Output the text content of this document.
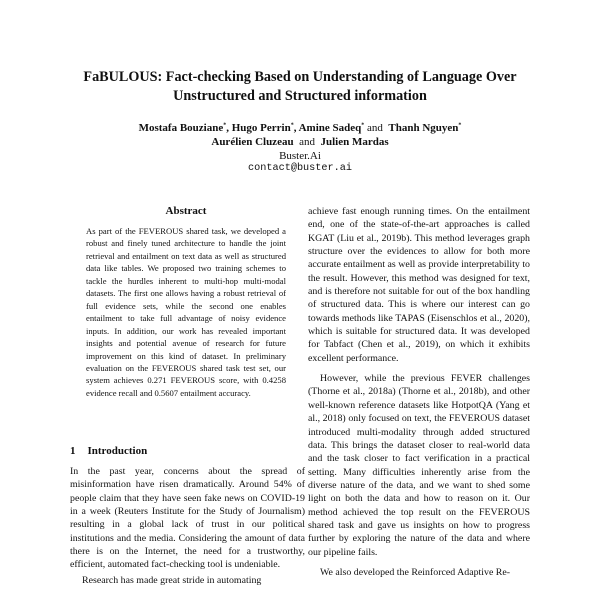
FaBULOUS: Fact-checking Based on Understanding of Language Over
Unstructured and Structured information
Mostafa Bouziane*, Hugo Perrin*, Amine Sadeq* and Thanh Nguyen*
Aurélien Cluzeau and Julien Mardas
Buster.Ai
contact@buster.ai
Abstract
As part of the FEVEROUS shared task, we developed a robust and finely tuned architecture to handle the joint retrieval and entailment on text data as well as structured data like tables. We proposed two training schemes to tackle the hurdles inherent to multi-hop multi-modal datasets. The first one allows having a robust retrieval of full evidence sets, while the second one enables entailment to take full advantage of noisy evidence inputs. In addition, our work has revealed important insights and potential avenue of research for future improvement on this kind of dataset. In preliminary evaluation on the FEVEROUS shared task test set, our system achieves 0.271 FEVEROUS score, with 0.4258 evidence recall and 0.5607 entailment accuracy.
1 Introduction

In the past year, concerns about the spread of misinformation have risen dramatically. Around 54% of people claim that they have seen fake news on COVID-19 in a week (Reuters Institute for the Study of Journalism) resulting in a global lack of trust in our political institutions and the media. Considering the amount of data there is on the Internet, the need for a trustworthy, efficient, automated fact-checking tool is undeniable.

Research has made great stride in automating

achieve fast enough running times. On the entailment end, one of the state-of-the-art approaches is called KGAT (Liu et al., 2019b). This method leverages graph structure over the evidences to allow for both more accurate entailment as well as provide interpretability to the result. However, this method was designed for text, and is therefore not suitable for out of the box handling of structured data. This is where our interest can go towards methods like TAPAS (Eisenschlos et al., 2020), which is suitable for structured data. It was developed for Tabfact (Chen et al., 2019), on which it exhibits excellent performance.

However, while the previous FEVER challenges (Thorne et al., 2018a) (Thorne et al., 2018b), and other well-known reference datasets like HotpotQA (Yang et al., 2018) only focused on text, the FEVEROUS dataset introduced multi-modality through added structured data. This brings the dataset closer to real-world data and the task closer to fact verification in a practical setting. Many difficulties inherently arise from the diverse nature of the data, and we want to shed some light on both the data and how to reason on it. Our method achieved the top result on the FEVEROUS shared task and gave us insights on how to progress further by exploring the nature of the data and where our pipeline fails.

We also developed the Reinforced Adaptive Re-
